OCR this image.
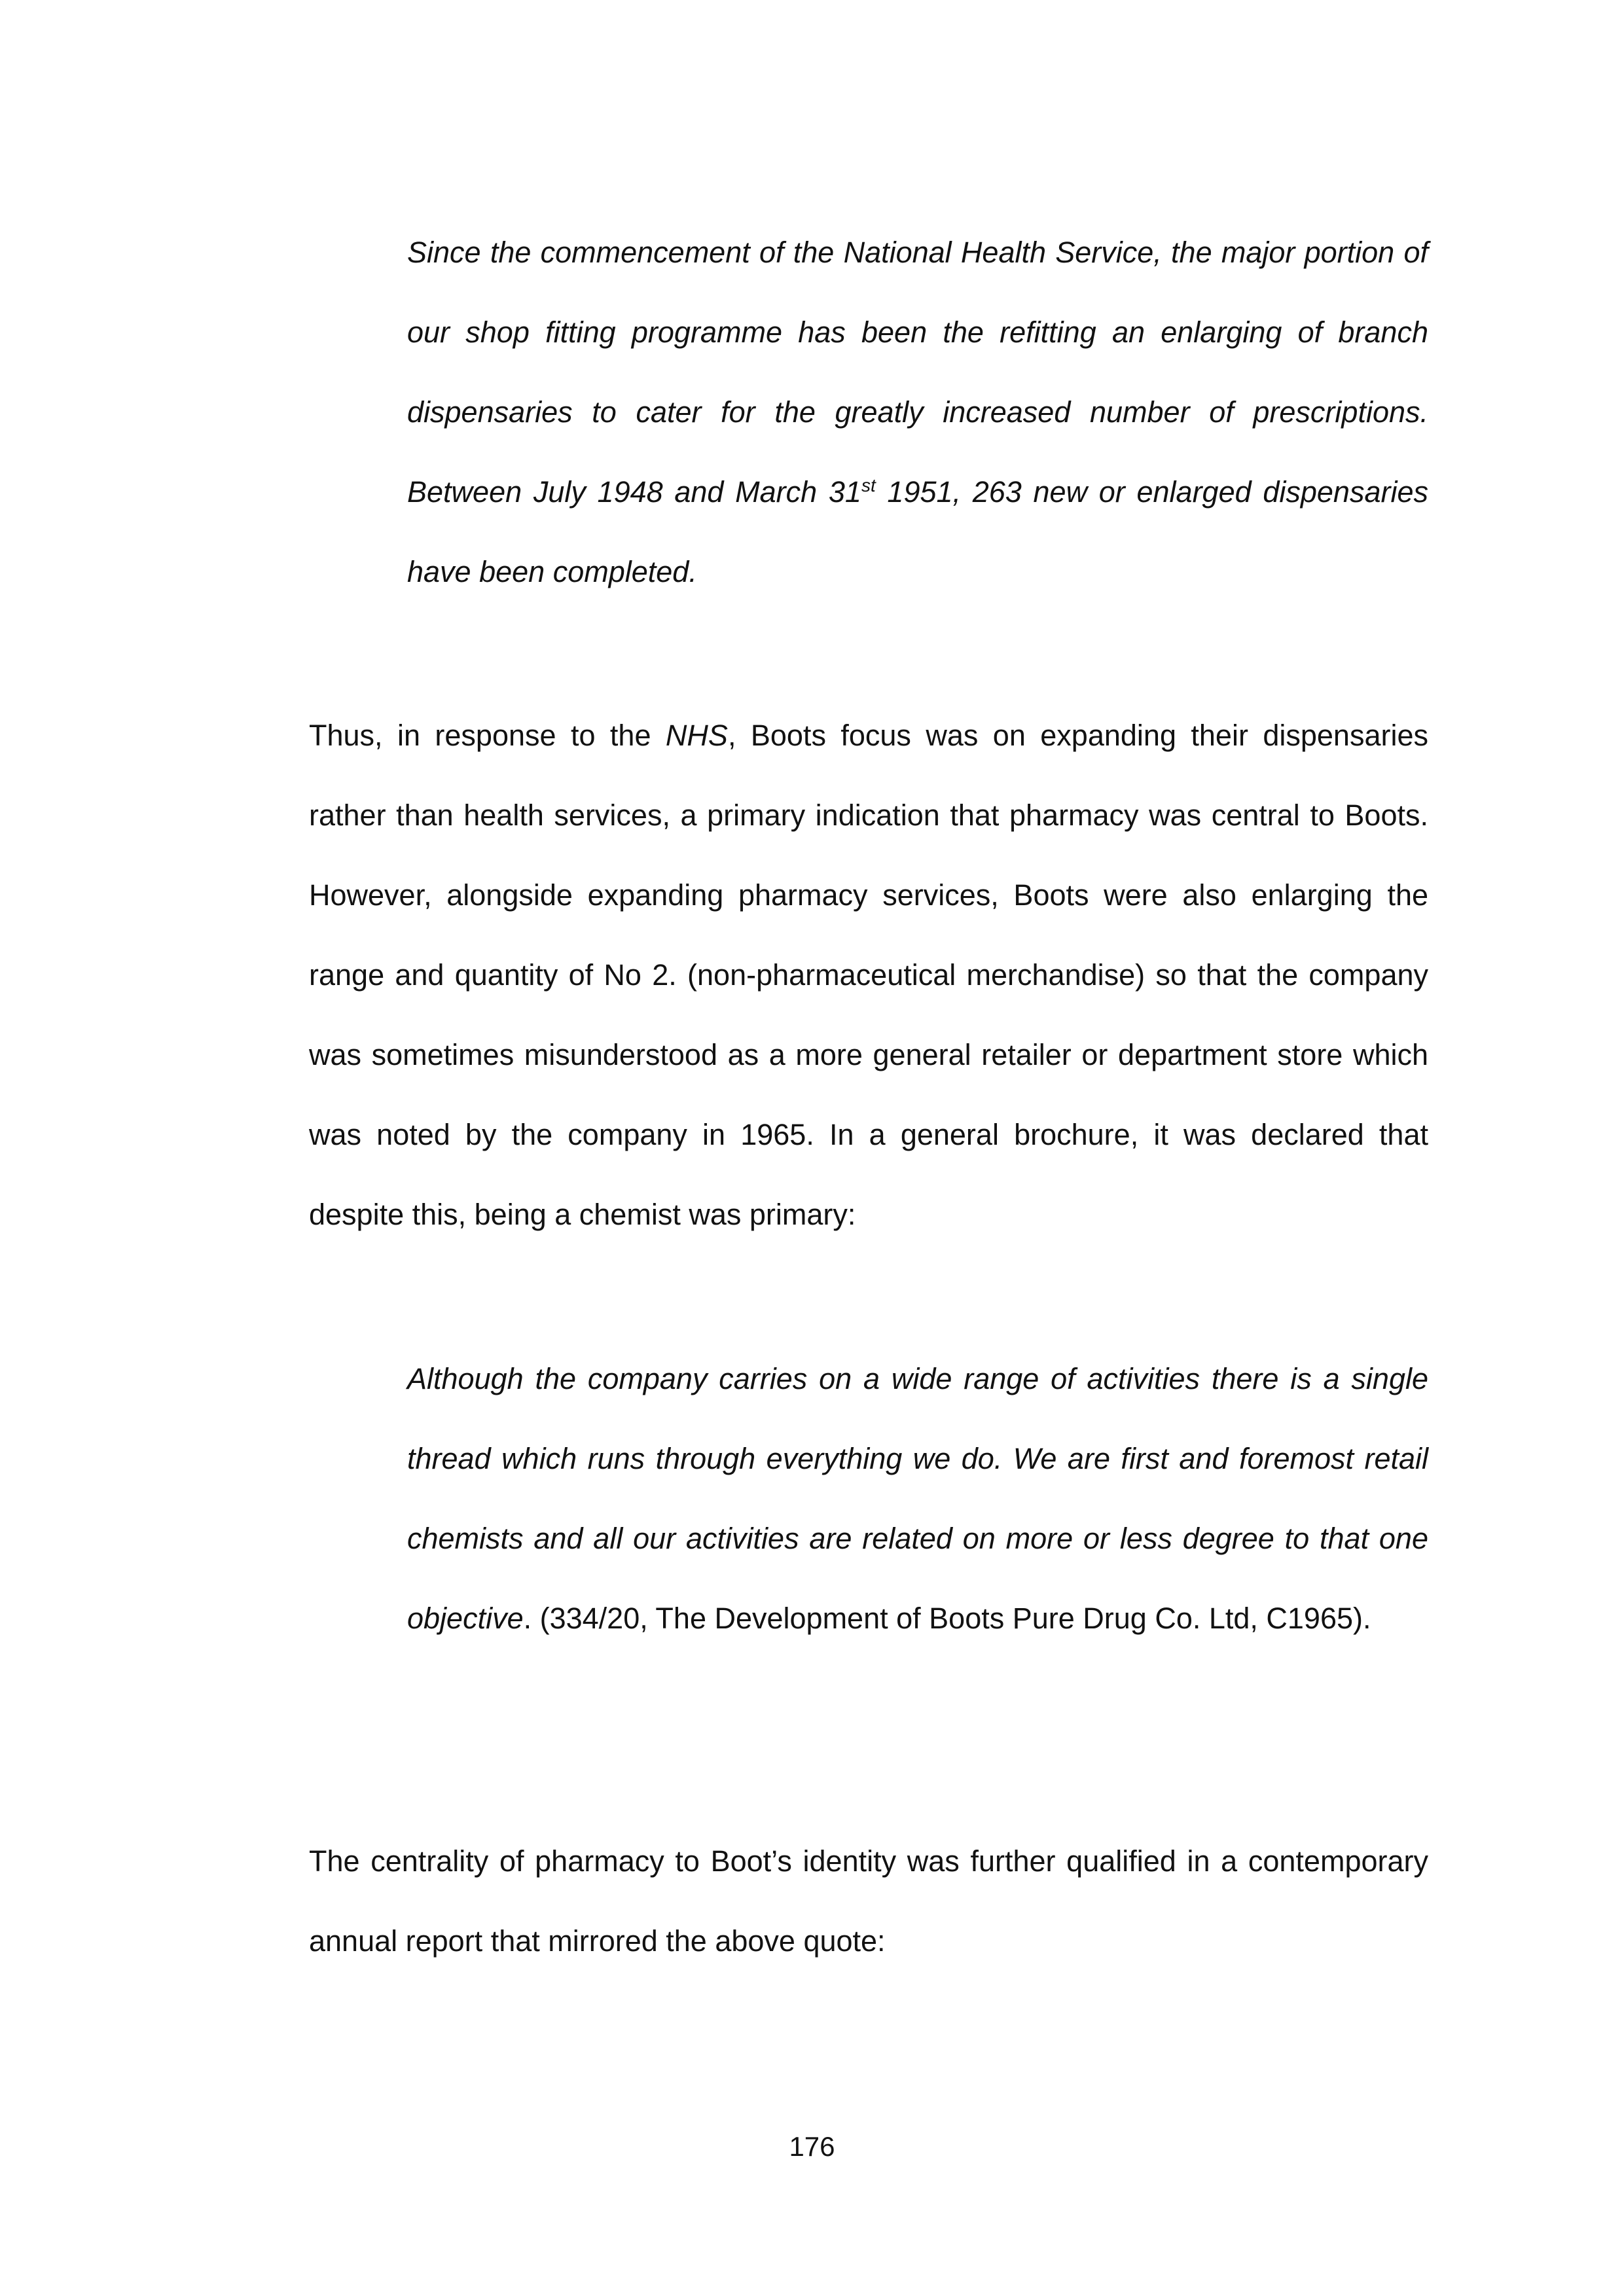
Since the commencement of the National Health Service, the major portion of our shop fitting programme has been the refitting an enlarging of branch dispensaries to cater for the greatly increased number of prescriptions. Between July 1948 and March 31st 1951, 263 new or enlarged dispensaries have been completed.

Thus, in response to the NHS, Boots focus was on expanding their dispensaries rather than health services, a primary indication that pharmacy was central to Boots. However, alongside expanding pharmacy services, Boots were also enlarging the range and quantity of No 2. (non-pharmaceutical merchandise) so that the company was sometimes misunderstood as a more general retailer or department store which was noted by the company in 1965. In a general brochure, it was declared that despite this, being a chemist was primary:

Although the company carries on a wide range of activities there is a single thread which runs through everything we do. We are first and foremost retail chemists and all our activities are related on more or less degree to that one objective. (334/20, The Development of Boots Pure Drug Co. Ltd, C1965).

The centrality of pharmacy to Boot’s identity was further qualified in a contemporary annual report that mirrored the above quote:

176
